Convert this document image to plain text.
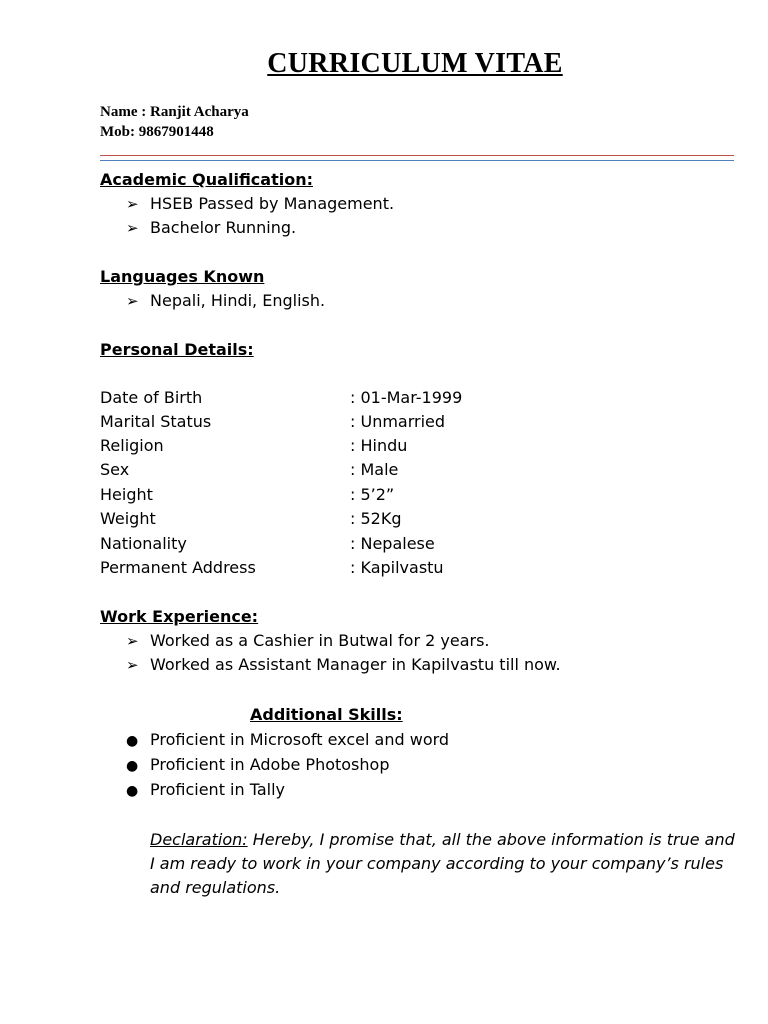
CURRICULUM VITAE
Name : Ranjit Acharya
Mob: 9867901448
Academic Qualification:
➢ HSEB Passed by Management.
➢ Bachelor Running.
Languages Known
➢ Nepali, Hindi, English.
Personal Details:
Date of Birth	: 01-Mar-1999
Marital Status	: Unmarried
Religion	: Hindu
Sex	: Male
Height	: 5’2”
Weight	: 52Kg
Nationality	: Nepalese
Permanent Address	: Kapilvastu
Work Experience:
➢ Worked as a Cashier in Butwal for 2 years.
➢ Worked as Assistant Manager in Kapilvastu till now.
Additional Skills:
● Proficient in Microsoft excel and word
● Proficient in Adobe Photoshop
● Proficient in Tally
Declaration: Hereby, I promise that, all the above information is true and I am ready to work in your company according to your company’s rules and regulations.
